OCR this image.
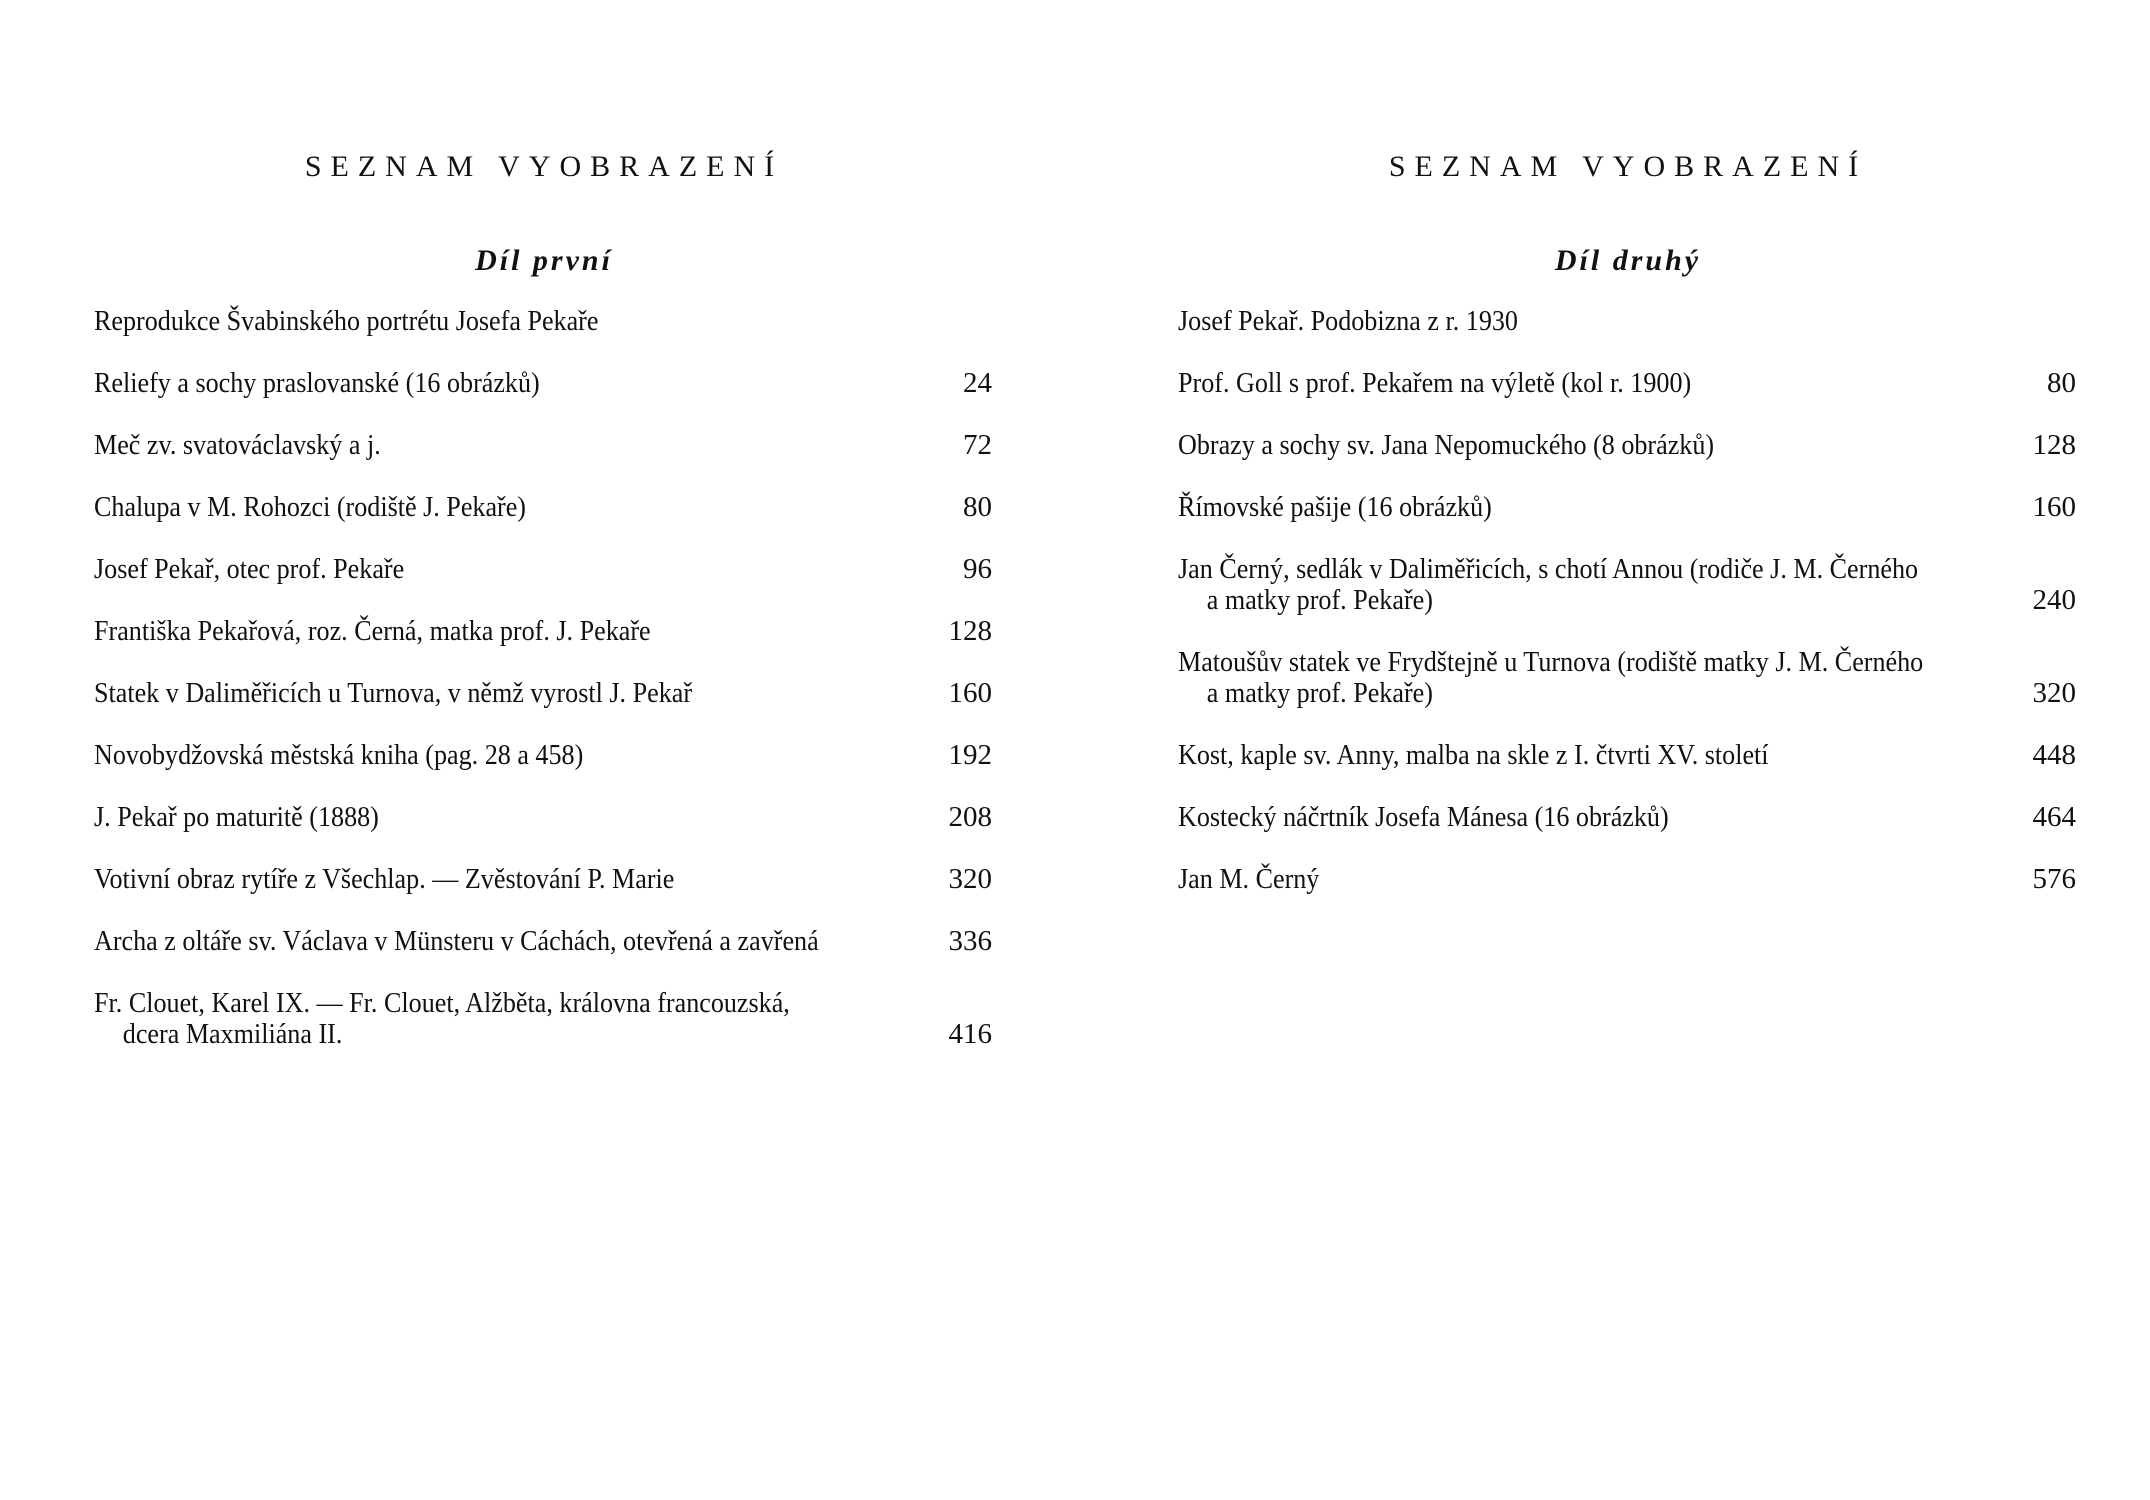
SEZNAM VYOBRAZENÍ
Díl první
Reprodukce Švabinského portrétu Josefa Pekaře
Reliefy a sochy praslovanské (16 obrázků)	24
Meč zv. svatováclavský a j.	72
Chalupa v M. Rohozci (rodiště J. Pekaře)	80
Josef Pekař, otec prof. Pekaře	96
Františka Pekařová, roz. Černá, matka prof. J. Pekaře	128
Statek v Daliměřicích u Turnova, v němž vyrostl J. Pekař	160
Novobydžovská městská kniha (pag. 28 a 458)	192
J. Pekař po maturitě (1888)	208
Votivní obraz rytíře z Všechlap. — Zvěstování P. Marie	320
Archa z oltáře sv. Václava v Münsteru v Cáchách, otevřená a zavřená	336
Fr. Clouet, Karel IX. — Fr. Clouet, Alžběta, královna francouzská, dcera Maxmiliána II.	416
SEZNAM VYOBRAZENÍ
Díl druhý
Josef Pekař. Podobizna z r. 1930
Prof. Goll s prof. Pekařem na výletě (kol r. 1900)	80
Obrazy a sochy sv. Jana Nepomuckého (8 obrázků)	128
Římovské pašije (16 obrázků)	160
Jan Černý, sedlák v Daliměřicích, s chotí Annou (rodiče J. M. Černého a matky prof. Pekaře)	240
Matoušův statek ve Frydštejně u Turnova (rodiště matky J. M. Černého a matky prof. Pekaře)	320
Kost, kaple sv. Anny, malba na skle z I. čtvrti XV. století	448
Kostecký náčrtník Josefa Mánesa (16 obrázků)	464
Jan M. Černý	576
